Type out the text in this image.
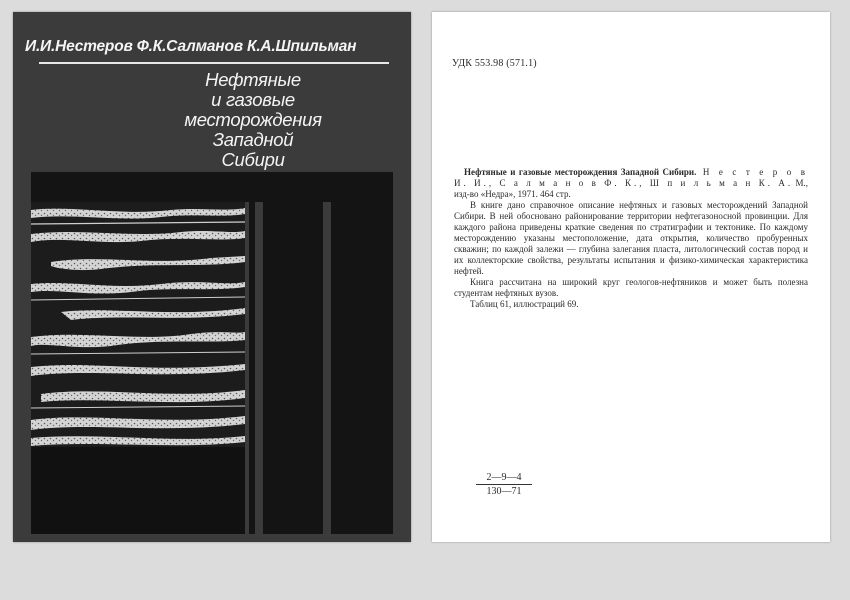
И.И.Нестеров Ф.К.Салманов К.А.Шпильман
Нефтяные
и газовые
месторождения
Западной
Сибири
УДК 553.98 (571.1)

Нефтяные и газовые месторождения Западной Сибири. Н е с т е р о в И. И., С а л м а н о в Ф. К., Ш п и л ь м а н К. А. М., изд-во «Недра», 1971. 464 стр.

В книге дано справочное описание нефтяных и газовых месторождений Западной Сибири. В ней обосновано районирование территории нефтегазоносной провинции. Для каждого района приведены краткие сведения по стратиграфии и тектонике. По каждому месторождению указаны местоположение, дата открытия, количество пробуренных скважин; по каждой залежи — глубина залегания пласта, литологический состав пород и их коллекторские свойства, результаты испытания и физико-химическая характеристика нефтей.

Книга рассчитана на широкий круг геологов-нефтяников и может быть полезна студентам нефтяных вузов.

Таблиц 61, иллюстраций 69.

2—9—4
130—71
